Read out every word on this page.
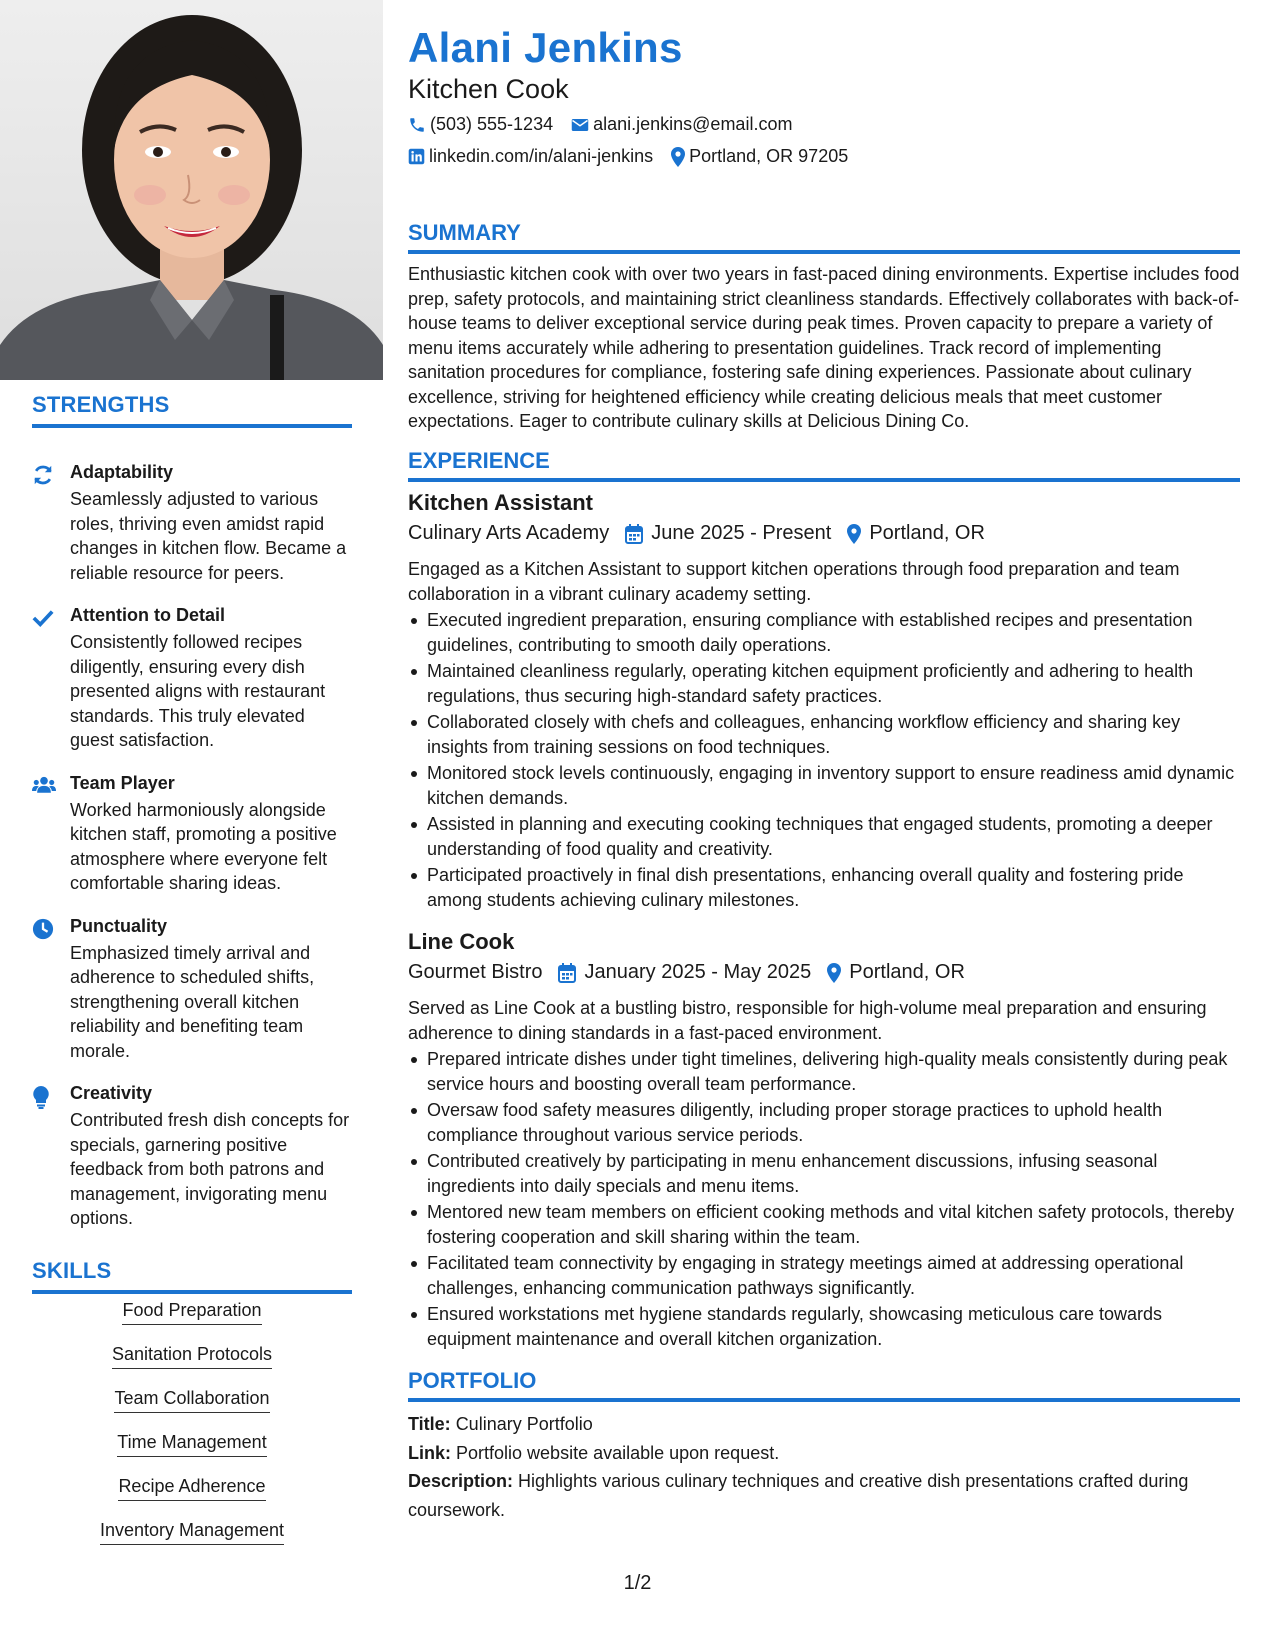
STRENGTHS
Adaptability
Seamlessly adjusted to various roles, thriving even amidst rapid changes in kitchen flow. Became a reliable resource for peers.
Attention to Detail
Consistently followed recipes diligently, ensuring every dish presented aligns with restaurant standards. This truly elevated guest satisfaction.
Team Player
Worked harmoniously alongside kitchen staff, promoting a positive atmosphere where everyone felt comfortable sharing ideas.
Punctuality
Emphasized timely arrival and adherence to scheduled shifts, strengthening overall kitchen reliability and benefiting team morale.
Creativity
Contributed fresh dish concepts for specials, garnering positive feedback from both patrons and management, invigorating menu options.
SKILLS
Food Preparation
Sanitation Protocols
Team Collaboration
Time Management
Recipe Adherence
Inventory Management
Alani Jenkins
Kitchen Cook
(503) 555-1234 alani.jenkins@email.com
linkedin.com/in/alani-jenkins Portland, OR 97205
SUMMARY
Enthusiastic kitchen cook with over two years in fast-paced dining environments. Expertise includes food prep, safety protocols, and maintaining strict cleanliness standards. Effectively collaborates with back-of-house teams to deliver exceptional service during peak times. Proven capacity to prepare a variety of menu items accurately while adhering to presentation guidelines. Track record of implementing sanitation procedures for compliance, fostering safe dining experiences. Passionate about culinary excellence, striving for heightened efficiency while creating delicious meals that meet customer expectations. Eager to contribute culinary skills at Delicious Dining Co.
EXPERIENCE
Kitchen Assistant
Culinary Arts Academy June 2025 - Present Portland, OR
Engaged as a Kitchen Assistant to support kitchen operations through food preparation and team collaboration in a vibrant culinary academy setting.
Executed ingredient preparation, ensuring compliance with established recipes and presentation guidelines, contributing to smooth daily operations.
Maintained cleanliness regularly, operating kitchen equipment proficiently and adhering to health regulations, thus securing high-standard safety practices.
Collaborated closely with chefs and colleagues, enhancing workflow efficiency and sharing key insights from training sessions on food techniques.
Monitored stock levels continuously, engaging in inventory support to ensure readiness amid dynamic kitchen demands.
Assisted in planning and executing cooking techniques that engaged students, promoting a deeper understanding of food quality and creativity.
Participated proactively in final dish presentations, enhancing overall quality and fostering pride among students achieving culinary milestones.
Line Cook
Gourmet Bistro January 2025 - May 2025 Portland, OR
Served as Line Cook at a bustling bistro, responsible for high-volume meal preparation and ensuring adherence to dining standards in a fast-paced environment.
Prepared intricate dishes under tight timelines, delivering high-quality meals consistently during peak service hours and boosting overall team performance.
Oversaw food safety measures diligently, including proper storage practices to uphold health compliance throughout various service periods.
Contributed creatively by participating in menu enhancement discussions, infusing seasonal ingredients into daily specials and menu items.
Mentored new team members on efficient cooking methods and vital kitchen safety protocols, thereby fostering cooperation and skill sharing within the team.
Facilitated team connectivity by engaging in strategy meetings aimed at addressing operational challenges, enhancing communication pathways significantly.
Ensured workstations met hygiene standards regularly, showcasing meticulous care towards equipment maintenance and overall kitchen organization.
PORTFOLIO
Title: Culinary Portfolio
Link: Portfolio website available upon request.
Description: Highlights various culinary techniques and creative dish presentations crafted during coursework.
1/2
